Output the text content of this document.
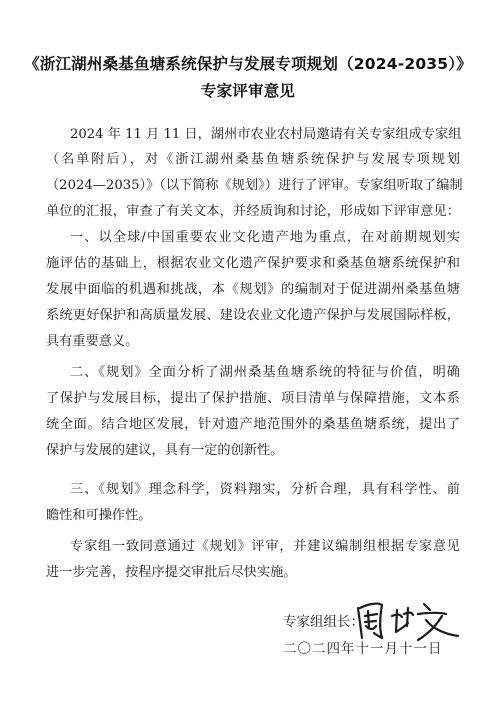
《浙江湖州桑基鱼塘系统保护与发展专项规划（2024-2035）》
专家评审意见
2024 年 11 月 11 日，湖州市农业农村局邀请有关专家组成专家组
（名单附后），对《浙江湖州桑基鱼塘系统保护与发展专项规划
（2024—2035）》（以下简称《规划》）进行了评审。专家组听取了编制
单位的汇报，审查了有关文本，并经质询和讨论，形成如下评审意见：
一、以全球/中国重要农业文化遗产地为重点，在对前期规划实
施评估的基础上，根据农业文化遗产保护要求和桑基鱼塘系统保护和
发展中面临的机遇和挑战，本《规划》的编制对于促进湖州桑基鱼塘
系统更好保护和高质量发展、建设农业文化遗产保护与发展国际样板，
具有重要意义。
二、《规划》全面分析了湖州桑基鱼塘系统的特征与价值，明确
了保护与发展目标，提出了保护措施、项目清单与保障措施，文本系
统全面。结合地区发展，针对遗产地范围外的桑基鱼塘系统，提出了
保护与发展的建议，具有一定的创新性。
三、《规划》理念科学，资料翔实，分析合理，具有科学性、前
瞻性和可操作性。
专家组一致同意通过《规划》评审，并建议编制组根据专家意见
进一步完善，按程序提交审批后尽快实施。
专家组组长：
二〇二四年十一月十一日
